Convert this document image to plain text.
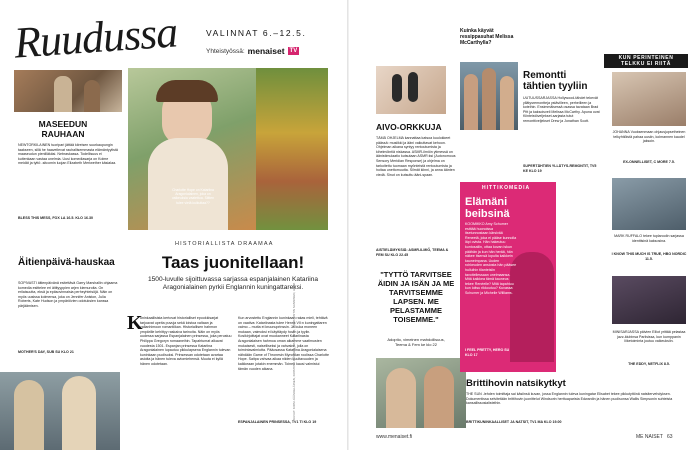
Ruudussa	VALINNAT 6.–12.5.
Yhteistyössä: menaiset TV
MASEEDUN RAUHAAN
NEWTORKILAINEN tuoripari jättää kiireisen suurkaupungin taakseen, sillä he haaveilevat rauhallisemmasta elämäntyylistä maaseudun pienilläkäsi. Nebraskassa. Todellisuus ei kuitenkaan vastaa unelmia. Uusi komediasarja on Kolme meidät ja tyttö -sitcomin luojan Elizabeth Meriwether käsialaa.
BLESS THIS MESS, FOX LA 16.5. KLO 16.30
Äitienpäivä-hauskaa
SOPIVASTI äitienpäivänä esitettävä Garry Marshallin ohjaama komedia esittelee eri äitityyppien arjen kiemuroita. On erilaisuutta, eksä ja epäsovinnaisia perheyhteisöjä. Näin on myös uusissa kolmensa, joka on Jennifer Aniston, Julia Roberts, Kate Hudson ja ympäröivien odotuksien kanssa pärjäämisen.
MOTHER'S DAY, SUB SU KLO 21
Charlotte Hope on Katariina Aragonialainen, joka on vaikeuksia vaatettua. Siitten tulee vielä kuikuttaa??
HISTORIALLISTA DRAAMAA
Taas juonitellaan!
1500-luvulle sijoittuvassa sarjassa espanjalainen Katariina Aragonialainen pyrkii Englannin kuningattareksi.
K
uninkaallisista kertovat historialliset epookkisarjat tarjoavat upeita puvuja sekä loistoa valtaan ja vallanhimoon romantiikan. Historiallisen hahmon ympärille kehittyy raskaiva tarinoita. Näin on myös uudessa sarjassa Espanjalainen prinsessa, joka perustuu Philippa Gregoryn romaaneihin. Tapahtumat alkavat vuodesta 1501. Espanjan prinsessa Katariina Aragonialainen lupautuu pikkulapsena Englannin tulevan kuninkaan puolisoksi. Prinsessan odotetaan avartaa asioita ja hänen tuleva aviomiehensä. Muuta ei kyllä hänen odotetaan.
Kun arvostettu Englannin kuninkaan rakas mieli, tehtävä on vaativa: Katariinasta tulee Henrik VII:n kuningattaren vaimo – mutta ei kruunuprinssin. Ja kuka moneen mukaan, vaimoksi ei käyttäydy hovin ja tyylin. Kosikirjoittajat ovat muokanneet Katariinasta Aragonialaisen hahmoa oman aikamme vaatimusten mukaisesti, naiselliseksi ja vahvaksi, jolla on toimintavalmiutta. Pääosassa Katariina Aragonialaisena nähdään Game of Thronesin Myrcellan roolissa Charlotte Hope. Saitpa vahvaa aikaa niiden kuultavuuden ja kaikkeaan jotakin enemmän. Toinen kausi valmistui tämän vuoden aikana.
ESPANJALAINEN PRINSESSA, TV1 TI KLO 19
KUVAT: KIRSI JÄÄSKELÄINEN, KRISTIINA RASINEN, PAULI RITO, KONSTANTIN SANNINEN, HERZ
AIVO-ORKKUJA
TÄMÄ OHJELMA kannattaa katsoa kuulokkeet päässä: musiikki ja ääni vaikuttavat kehoon. Ohjelman aikana syntyy rentoutumista ja kihelmöintiä niskassa. ASMR-ilmiön ytimessä on äänistimulaatio kutsutaan ASMR:ksi (Autonomous Sensory Meridian Response) ja ohjelma on tarkoitettu tuomaan myönteistä rentoutumista ja hoitaa unettomuutta. Silmät kiinni, ja anna äänten viedä. Sinut on kutsuttu ääni-spaan.
AISTIELÄMYKSIÄ: ASMR-ILMIÖ, TEEMA & FEM SU KLO 22.45
"TYTTÖ TARVITSEE ÄIDIN JA ISÄN JA ME TARVITSEMME LAPSEN. ME PELASTAMME TOISEMME."
Adoptio, vimeinen mahdollisuus, Teema & Fem ke klo 22
www.menaiset.fi
Kuinka käyvät ressippasuhat Melissa McCarthylla?
Remontti tähtien tyyliin
UUTUUSSARJASSA Hollywood-tähdet tekevät yllätysremontteja ystävilleen, perheilleen ja koteihin. Ensimmäisessä osassa tavataan Brad Pitt ja kaksoisveli Melissa McCarthy. Apuna ovat Kiinteistöveljekset-sarjasta tutut remonttiveljekset Drew ja Jonathan Scott.
SUPERTÄHTIEN YLLÄTYS-REMONTIT, TV5 KE KLO 19
HITTIKOMEDIA
Elämäni beibsinä
KOOMIKKO Amy Schumer esittää huonoissa itsetunnostaan kärsivää Reneetä, joka ei pääse kunnolla läpi ovista. Hän hakeutuu kuntosaliin, ottaa kovan iskun päähän ja kun hän herää, hän näkee itsensä lopulta kaikkein kauneimpana. Uuden rohkeuden ansiosta hän pääsee hulluihin tilanteisiin tavoitellessaan unelmaansa. Mitä kaikkea tämä kauneus tekee Renéelle? Mitä tapahtuu kun loitsu rikkoutuu? Kuvassa Schumer ja Michelle Williams.
I FEEL PRETTY, HERO SU KLO 17
Brittihovin natsikytkyt
THE SUN -lehden toimittaja sai käsiinsä kuvan, jossa Englannin tuleva kuningatar Elisabet tekee pikkutyttönä natsitervehdyksen. Dokumentissa selvitetään brittihovin juonittelut Windsorin herttuaparista Edwardin ja hänen puolisonsa Wallis Simpsonin suhteista kansallissosialisteihin.
BRITTIKUNINKAALLISET JA NATSIT, TV1 MA KLO 19.00
KUN PERINTEINEN TELKKU EI RIITÄ
JOHANNA Vuoksenmaan ohjausjupsetheinen telkyhtiöistä pahaa uusiin, kolmannen kaudel jaksoin.
EX-ONNELLISET, C MORE 7.5.
MARK RUFFALO tekee tuplaroolin sarjassa identtisinä kaksosina.
I KNOW THIS MUCH IS TRUE, HBO NORDIC 11.5.
MINISARJASSA päivien Elliot yrittää pelastaa jazz-klubinsa Pariisissa, kun kumppanin liiketoiminta joutuu vaikeuksiin.
THE EDDY, NETFLIX 8.5.
ME NAISET 63
